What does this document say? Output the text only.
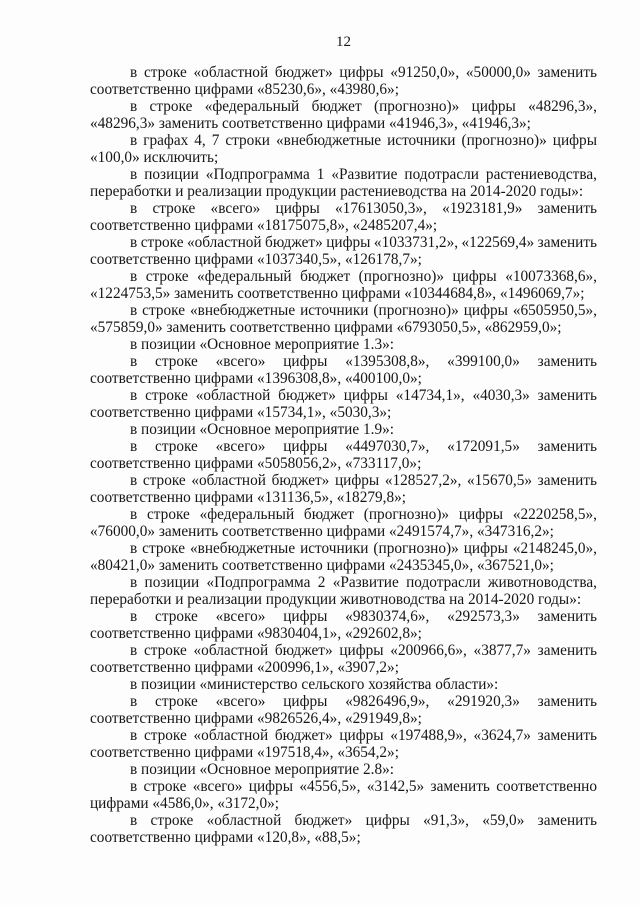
12
в строке «областной бюджет» цифры «91250,0», «50000,0» заменить
соответственно цифрами «85230,6», «43980,6»;
в строке «федеральный бюджет (прогнозно)» цифры «48296,3»,
«48296,3» заменить соответственно цифрами «41946,3», «41946,3»;
в графах 4, 7 строки «внебюджетные источники (прогнозно)» цифры
«100,0» исключить;
в позиции «Подпрограмма 1 «Развитие подотрасли растениеводства,
переработки и реализации продукции растениеводства на 2014-2020 годы»:
в строке «всего» цифры «17613050,3», «1923181,9» заменить
соответственно цифрами «18175075,8», «2485207,4»;
в строке «областной бюджет» цифры «1033731,2», «122569,4» заменить
соответственно цифрами «1037340,5», «126178,7»;
в строке «федеральный бюджет (прогнозно)» цифры «10073368,6»,
«1224753,5» заменить соответственно цифрами «10344684,8», «1496069,7»;
в строке «внебюджетные источники (прогнозно)» цифры «6505950,5»,
«575859,0» заменить соответственно цифрами «6793050,5», «862959,0»;
в позиции «Основное мероприятие 1.3»:
в строке «всего» цифры «1395308,8», «399100,0» заменить
соответственно цифрами «1396308,8», «400100,0»;
в строке «областной бюджет» цифры «14734,1», «4030,3» заменить
соответственно цифрами «15734,1», «5030,3»;
в позиции «Основное мероприятие 1.9»:
в строке «всего» цифры «4497030,7», «172091,5» заменить
соответственно цифрами «5058056,2», «733117,0»;
в строке «областной бюджет» цифры «128527,2», «15670,5» заменить
соответственно цифрами «131136,5», «18279,8»;
в строке «федеральный бюджет (прогнозно)» цифры «2220258,5»,
«76000,0» заменить соответственно цифрами «2491574,7», «347316,2»;
в строке «внебюджетные источники (прогнозно)» цифры «2148245,0»,
«80421,0» заменить соответственно цифрами «2435345,0», «367521,0»;
в позиции «Подпрограмма 2 «Развитие подотрасли животноводства,
переработки и реализации продукции животноводства на 2014-2020 годы»:
в строке «всего» цифры «9830374,6», «292573,3» заменить
соответственно цифрами «9830404,1», «292602,8»;
в строке «областной бюджет» цифры «200966,6», «3877,7» заменить
соответственно цифрами «200996,1», «3907,2»;
в позиции «министерство сельского хозяйства области»:
в строке «всего» цифры «9826496,9», «291920,3» заменить
соответственно цифрами «9826526,4», «291949,8»;
в строке «областной бюджет» цифры «197488,9», «3624,7» заменить
соответственно цифрами «197518,4», «3654,2»;
в позиции «Основное мероприятие 2.8»:
в строке «всего» цифры «4556,5», «3142,5» заменить соответственно
цифрами «4586,0», «3172,0»;
в строке «областной бюджет» цифры «91,3», «59,0» заменить
соответственно цифрами «120,8», «88,5»;
